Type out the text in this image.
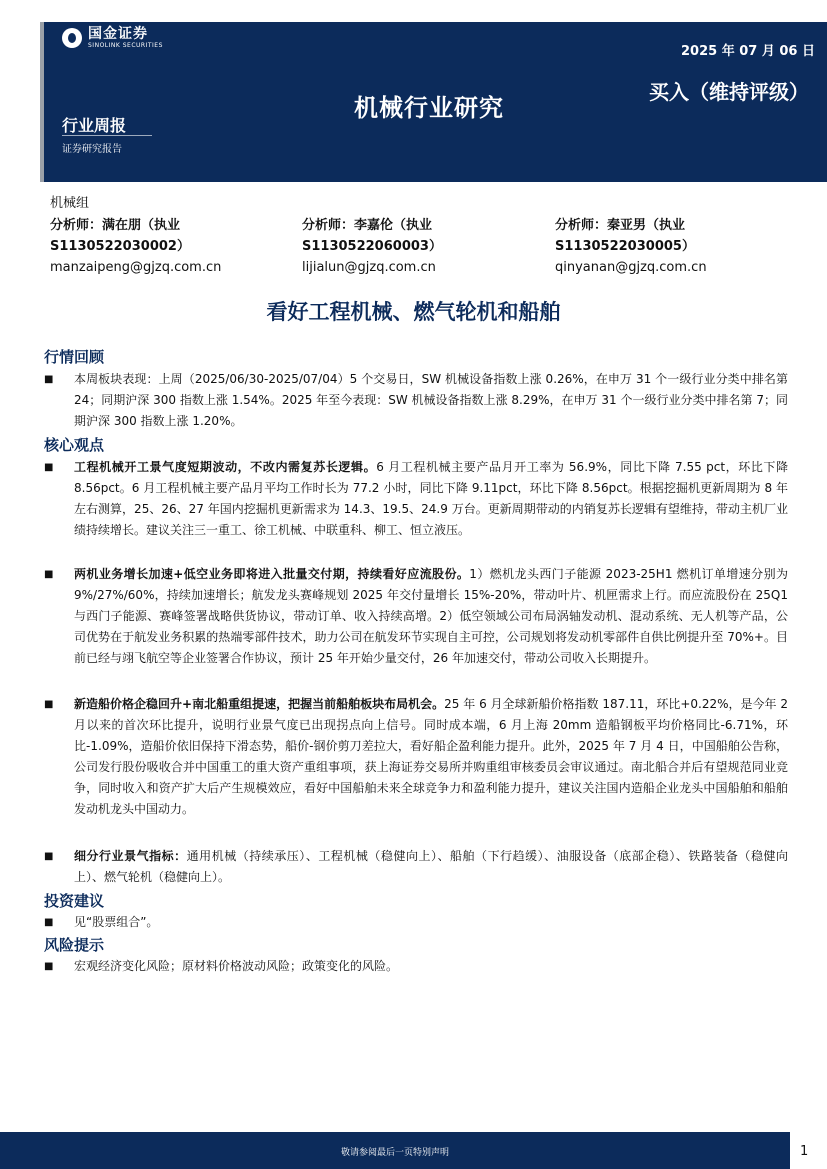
国金证券
SINOLINK SECURITIES	2025 年 07 月 06 日
机械行业研究
买入（维持评级）
行业周报
证券研究报告
机械组
分析师：满在朋（执业
S1130522030002）
manzaipeng@gjzq.com.cn
分析师：李嘉伦（执业
S1130522060003）
lijialun@gjzq.com.cn
分析师：秦亚男（执业
S1130522030005）
qinyanan@gjzq.com.cn
看好工程机械、燃气轮机和船舶
行情回顾
■ 本周板块表现：上周（2025/06/30-2025/07/04）5 个交易日，SW 机械设备指数上涨 0.26%，在申万 31 个一级行业分类中排名第 24；同期沪深 300 指数上涨 1.54%。2025 年至今表现：SW 机械设备指数上涨 8.29%，在申万 31 个一级行业分类中排名第 7；同期沪深 300 指数上涨 1.20%。
核心观点
■ 工程机械开工景气度短期波动，不改内需复苏长逻辑。6 月工程机械主要产品月开工率为 56.9%，同比下降 7.55 pct，环比下降 8.56pct。6 月工程机械主要产品月平均工作时长为 77.2 小时，同比下降 9.11pct，环比下降 8.56pct。根据挖掘机更新周期为 8 年左右测算，25、26、27 年国内挖掘机更新需求为 14.3、19.5、24.9 万台。更新周期带动的内销复苏长逻辑有望维持，带动主机厂业绩持续增长。建议关注三一重工、徐工机械、中联重科、柳工、恒立液压。
■ 两机业务增长加速+低空业务即将进入批量交付期，持续看好应流股份。1）燃机龙头西门子能源 2023-25H1 燃机订单增速分别为 9%/27%/60%，持续加速增长；航发龙头赛峰规划 2025 年交付量增长 15%-20%，带动叶片、机匣需求上行。而应流股份在 25Q1 与西门子能源、赛峰签署战略供货协议，带动订单、收入持续高增。2）低空领域公司布局涡轴发动机、混动系统、无人机等产品，公司优势在于航发业务积累的热端零部件技术，助力公司在航发环节实现自主可控，公司规划将发动机零部件自供比例提升至 70%+。目前已经与翊飞航空等企业签署合作协议，预计 25 年开始少量交付，26 年加速交付，带动公司收入长期提升。
■ 新造船价格企稳回升+南北船重组提速，把握当前船舶板块布局机会。25 年 6 月全球新船价格指数 187.11，环比+0.22%，是今年 2 月以来的首次环比提升，说明行业景气度已出现拐点向上信号。同时成本端，6 月上海 20mm 造船钢板平均价格同比-6.71%，环比-1.09%，造船价依旧保持下滑态势，船价-钢价剪刀差拉大，看好船企盈利能力提升。此外，2025 年 7 月 4 日，中国船舶公告称，公司发行股份吸收合并中国重工的重大资产重组事项，获上海证券交易所并购重组审核委员会审议通过。南北船合并后有望规范同业竞争，同时收入和资产扩大后产生规模效应，看好中国船舶未来全球竞争力和盈利能力提升，建议关注国内造船企业龙头中国船舶和船舶发动机龙头中国动力。
■ 细分行业景气指标：通用机械（持续承压）、工程机械（稳健向上）、船舶（下行趋缓）、油服设备（底部企稳）、铁路装备（稳健向上）、燃气轮机（稳健向上）。
投资建议
■ 见“股票组合”。
风险提示
■ 宏观经济变化风险；原材料价格波动风险；政策变化的风险。
敬请参阅最后一页特别声明	1
